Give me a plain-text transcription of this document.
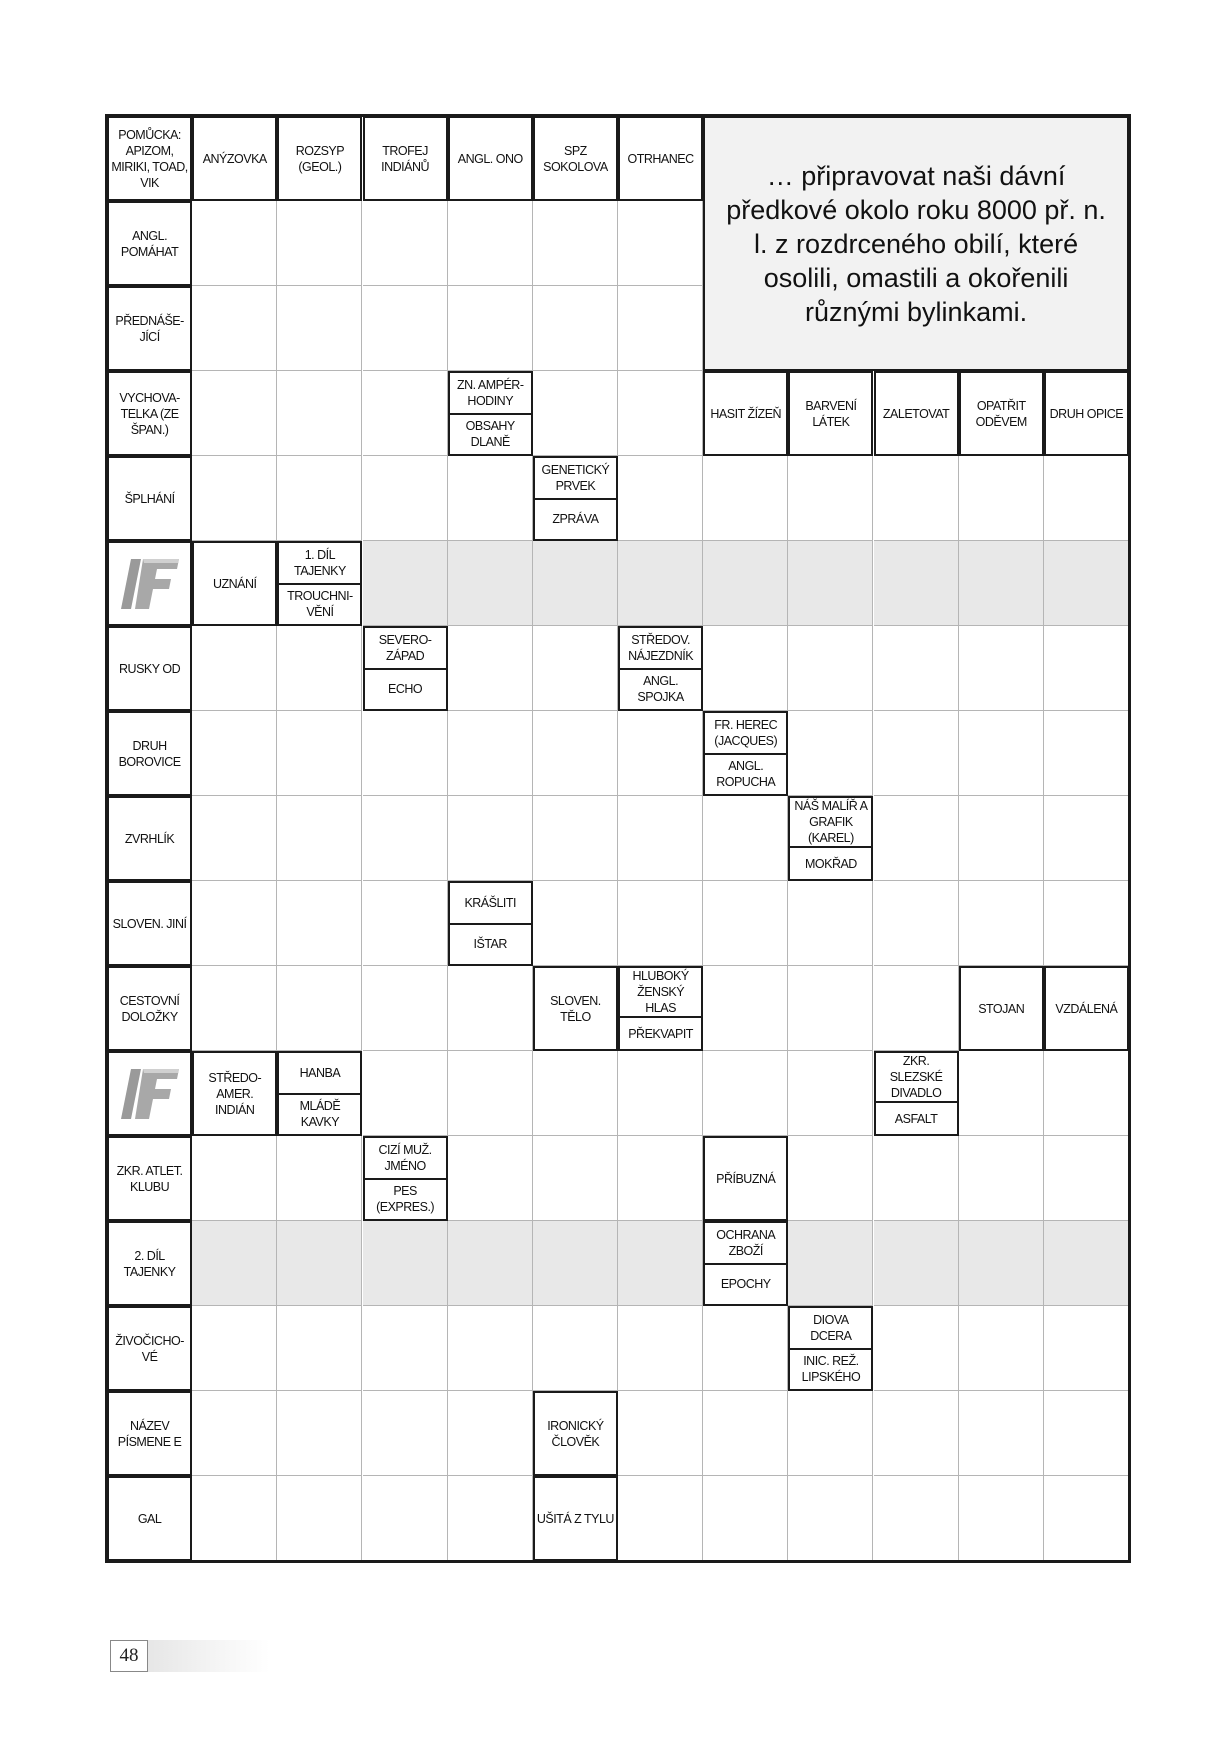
… připravovat naši dávní předkové okolo roku 8000 př. n. l. z rozdrceného obilí, které osolili, omastili a okořenili různými bylinkami.
POMŮCKA: APIZOM, MIRIKI, TOAD, VIK
ANÝZOVKA
ROZSYP (GEOL.)
TROFEJ INDIÁNŮ
ANGL. ONO
SPZ SOKOLOVA
OTRHANEC
ANGL. POMÁHAT
PŘEDNÁŠE-JÍCÍ
VYCHOVA-TELKA (ZE ŠPAN.)
ZN. AMPÉR-HODINY
OBSAHY DLANĚ
HASIT ŽÍZEŇ
BARVENÍ LÁTEK
ZALETOVAT
OPATŘIT ODĚVEM
DRUH OPICE
ŠPLHÁNÍ
GENETICKÝ PRVEK
ZPRÁVA
UZNÁNÍ
1. DÍL TAJENKY
TROUCHNI-VĚNÍ
RUSKY OD
SEVERO-ZÁPAD
ECHO
STŘEDOV. NÁJEZDNÍK
ANGL. SPOJKA
DRUH BOROVICE
FR. HEREC (JACQUES)
ANGL. ROPUCHA
ZVRHLÍK
NÁŠ MALÍŘ A GRAFIK (KAREL)
MOKŘAD
SLOVEN. JINÍ
KRÁŠLITI
IŠTAR
CESTOVNÍ DOLOŽKY
SLOVEN. TĚLO
HLUBOKÝ ŽENSKÝ HLAS
PŘEKVAPIT
STOJAN	VZDÁLENÁ
STŘEDO-AMER. INDIÁN
HANBA
MLÁDĚ KAVKY
ZKR. SLEZSKÉ DIVADLO
ASFALT
ZKR. ATLET. KLUBU
CIZÍ MUŽ. JMÉNO
PES (EXPRES.)
PŘÍBUZNÁ
2. DÍL TAJENKY
OCHRANA ZBOŽÍ
EPOCHY
ŽIVOČICHO-VÉ
DIOVA DCERA
INIC. REŽ. LIPSKÉHO
NÁZEV PÍSMENE E
IRONICKÝ ČLOVĚK
GAL	UŠITÁ Z TYLU
48
